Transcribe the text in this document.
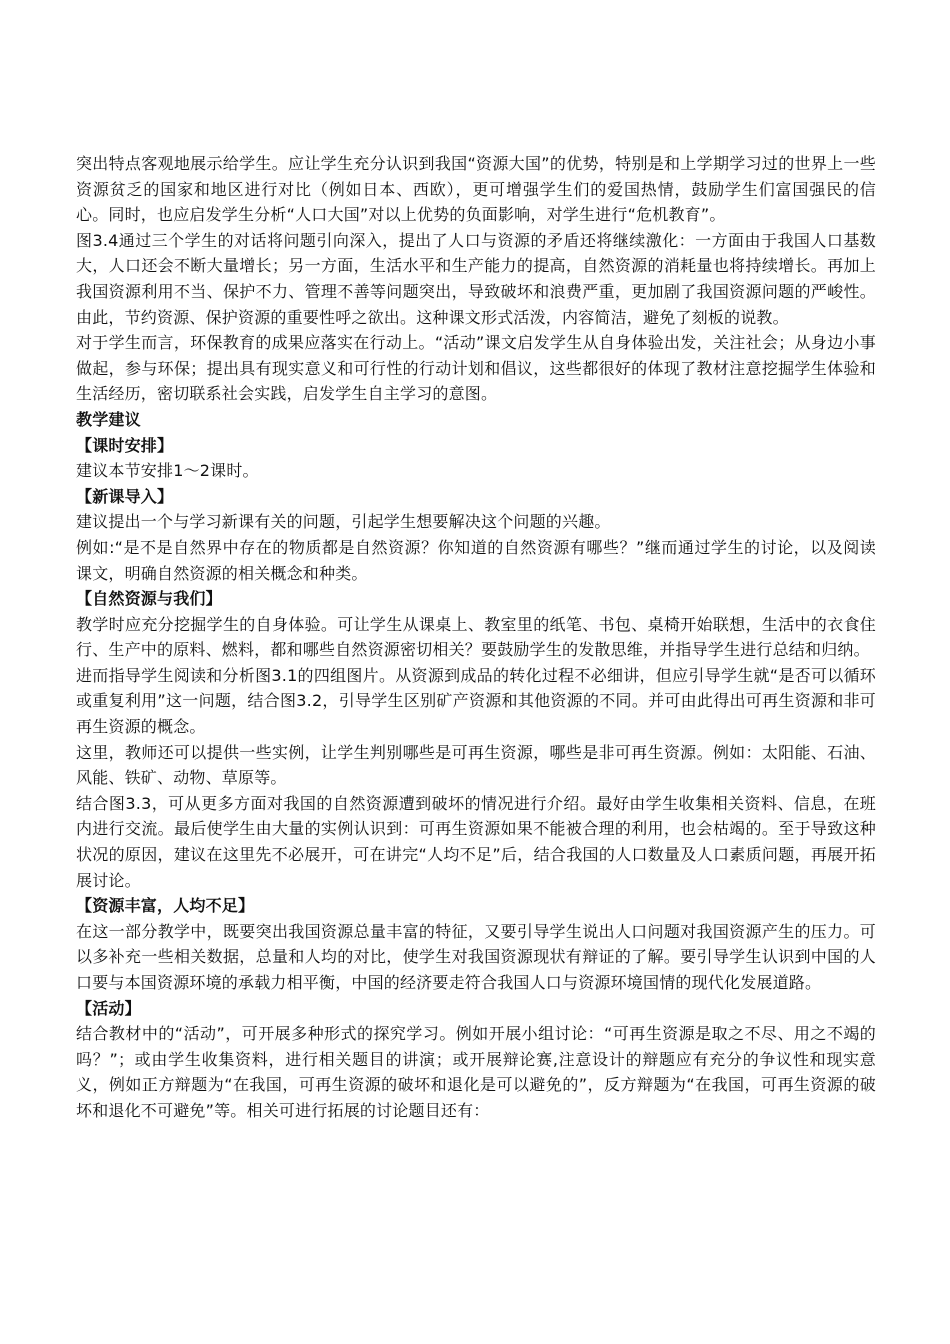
突出特点客观地展示给学生。应让学生充分认识到我国“资源大国”的优势，特别是和上学期学习过的世界上一些资源贫乏的国家和地区进行对比（例如日本、西欧），更可增强学生们的爱国热情，鼓励学生们富国强民的信心。同时，也应启发学生分析“人口大国”对以上优势的负面影响，对学生进行“危机教育”。

图3.4通过三个学生的对话将问题引向深入，提出了人口与资源的矛盾还将继续激化：一方面由于我国人口基数大，人口还会不断大量增长；另一方面，生活水平和生产能力的提高，自然资源的消耗量也将持续增长。再加上我国资源利用不当、保护不力、管理不善等问题突出，导致破坏和浪费严重，更加剧了我国资源问题的严峻性。由此，节约资源、保护资源的重要性呼之欲出。这种课文形式活泼，内容简洁，避免了刻板的说教。

对于学生而言，环保教育的成果应落实在行动上。“活动”课文启发学生从自身体验出发，关注社会；从身边小事做起，参与环保；提出具有现实意义和可行性的行动计划和倡议，这些都很好的体现了教材注意挖掘学生体验和生活经历，密切联系社会实践，启发学生自主学习的意图。

教学建议

【课时安排】

建议本节安排1～2课时。

【新课导入】

建议提出一个与学习新课有关的问题，引起学生想要解决这个问题的兴趣。

例如:“是不是自然界中存在的物质都是自然资源？你知道的自然资源有哪些？”继而通过学生的讨论，以及阅读课文，明确自然资源的相关概念和种类。

【自然资源与我们】

教学时应充分挖掘学生的自身体验。可让学生从课桌上、教室里的纸笔、书包、桌椅开始联想，生活中的衣食住行、生产中的原料、燃料，都和哪些自然资源密切相关？要鼓励学生的发散思维，并指导学生进行总结和归纳。

进而指导学生阅读和分析图3.1的四组图片。从资源到成品的转化过程不必细讲，但应引导学生就“是否可以循环或重复利用”这一问题，结合图3.2，引导学生区别矿产资源和其他资源的不同。并可由此得出可再生资源和非可再生资源的概念。

这里，教师还可以提供一些实例，让学生判别哪些是可再生资源，哪些是非可再生资源。例如：太阳能、石油、风能、铁矿、动物、草原等。

结合图3.3，可从更多方面对我国的自然资源遭到破坏的情况进行介绍。最好由学生收集相关资料、信息，在班内进行交流。最后使学生由大量的实例认识到：可再生资源如果不能被合理的利用，也会枯竭的。至于导致这种状况的原因，建议在这里先不必展开，可在讲完“人均不足”后，结合我国的人口数量及人口素质问题，再展开拓展讨论。

【资源丰富，人均不足】

在这一部分教学中，既要突出我国资源总量丰富的特征，又要引导学生说出人口问题对我国资源产生的压力。可以多补充一些相关数据，总量和人均的对比，使学生对我国资源现状有辩证的了解。要引导学生认识到中国的人口要与本国资源环境的承载力相平衡，中国的经济要走符合我国人口与资源环境国情的现代化发展道路。

【活动】

结合教材中的“活动”，可开展多种形式的探究学习。例如开展小组讨论：“可再生资源是取之不尽、用之不竭的吗？”；或由学生收集资料，进行相关题目的讲演；或开展辩论赛,注意设计的辩题应有充分的争议性和现实意义，例如正方辩题为“在我国，可再生资源的破坏和退化是可以避免的”，反方辩题为“在我国，可再生资源的破坏和退化不可避免”等。相关可进行拓展的讨论题目还有：
